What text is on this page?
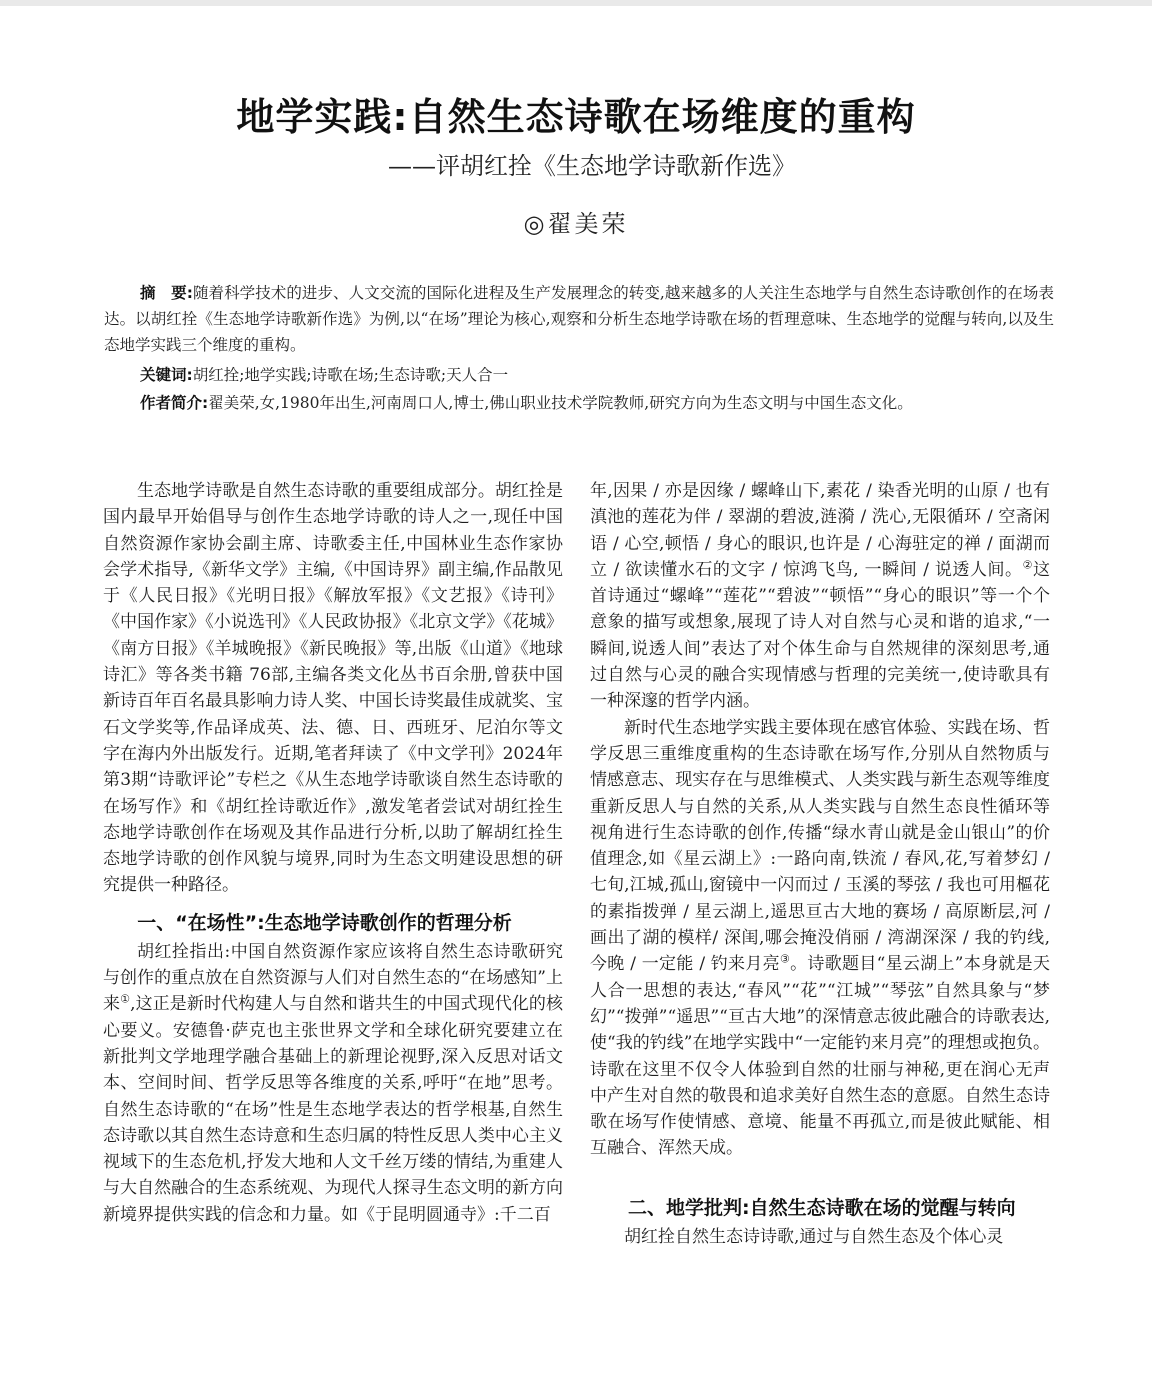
地学实践:自然生态诗歌在场维度的重构
——评胡红拴《生态地学诗歌新作选》
◎翟美荣
摘　要:随着科学技术的进步、人文交流的国际化进程及生产发展理念的转变,越来越多的人关注生态地学与自然生态诗歌创作的在场表达。以胡红拴《生态地学诗歌新作选》为例,以“在场”理论为核心,观察和分析生态地学诗歌在场的哲理意味、生态地学的觉醒与转向,以及生态地学实践三个维度的重构。
关键词:胡红拴;地学实践;诗歌在场;生态诗歌;天人合一
作者简介:翟美荣,女,1980年出生,河南周口人,博士,佛山职业技术学院教师,研究方向为生态文明与中国生态文化。

生态地学诗歌是自然生态诗歌的重要组成部分。胡红拴是国内最早开始倡导与创作生态地学诗歌的诗人之一,现任中国自然资源作家协会副主席、诗歌委主任,中国林业生态作家协会学术指导,《新华文学》主编,《中国诗界》副主编,作品散见于《人民日报》《光明日报》《解放军报》《文艺报》《诗刊》《中国作家》《小说选刊》《人民政协报》《北京文学》《花城》《南方日报》《羊城晚报》《新民晚报》等,出版《山道》《地球诗汇》等各类书籍 76部,主编各类文化丛书百余册,曾获中国新诗百年百名最具影响力诗人奖、中国长诗奖最佳成就奖、宝石文学奖等,作品译成英、法、德、日、西班牙、尼泊尔等文字在海内外出版发行。近期,笔者拜读了《中文学刊》2024年第3期“诗歌评论”专栏之《从生态地学诗歌谈自然生态诗歌的在场写作》和《胡红拴诗歌近作》,激发笔者尝试对胡红拴生态地学诗歌创作在场观及其作品进行分析,以助了解胡红拴生态地学诗歌的创作风貌与境界,同时为生态文明建设思想的研究提供一种路径。

一、“在场性”:生态地学诗歌创作的哲理分析

胡红拴指出:中国自然资源作家应该将自然生态诗歌研究与创作的重点放在自然资源与人们对自然生态的“在场感知”上来①,这正是新时代构建人与自然和谐共生的中国式现代化的核心要义。安德鲁·萨克也主张世界文学和全球化研究要建立在新批判文学地理学融合基础上的新理论视野,深入反思对话文本、空间时间、哲学反思等各维度的关系,呼吁“在地”思考。自然生态诗歌的“在场”性是生态地学表达的哲学根基,自然生态诗歌以其自然生态诗意和生态归属的特性反思人类中心主义视域下的生态危机,抒发大地和人文千丝万缕的情结,为重建人与大自然融合的生态系统观、为现代人探寻生态文明的新方向新境界提供实践的信念和力量。如《于昆明圆通寺》:千二百

年,因果 / 亦是因缘 / 螺峰山下,素花 / 染香光明的山原 / 也有滇池的莲花为伴 / 翠湖的碧波,涟漪 / 洗心,无限循环 / 空斋闲语 / 心空,顿悟 / 身心的眼识,也许是 / 心海驻定的禅 / 面湖而立 / 欲读懂水石的文字 / 惊鸿飞鸟, 一瞬间 / 说透人间。②这首诗通过“螺峰”“莲花”“碧波”“顿悟”“身心的眼识”等一个个意象的描写或想象,展现了诗人对自然与心灵和谐的追求,“一瞬间,说透人间”表达了对个体生命与自然规律的深刻思考,通过自然与心灵的融合实现情感与哲理的完美统一,使诗歌具有一种深邃的哲学内涵。

新时代生态地学实践主要体现在感官体验、实践在场、哲学反思三重维度重构的生态诗歌在场写作,分别从自然物质与情感意志、现实存在与思维模式、人类实践与新生态观等维度重新反思人与自然的关系,从人类实践与自然生态良性循环等视角进行生态诗歌的创作,传播“绿水青山就是金山银山”的价值理念,如《星云湖上》:一路向南,铁流 / 春风,花,写着梦幻 / 七旬,江城,孤山,窗镜中一闪而过 / 玉溪的琴弦 / 我也可用樞花的素指拨弹 / 星云湖上,遥思亘古大地的赛场 / 高原断层,河 / 画出了湖的模样/ 深闺,哪会掩没俏丽 / 湾湖深深 / 我的钓线,今晚 / 一定能 / 钓来月亮③。诗歌题目“星云湖上”本身就是天人合一思想的表达,“春风”“花”“江城”“琴弦”自然具象与“梦幻”“拨弹”“遥思”“亘古大地”的深情意志彼此融合的诗歌表达,使“我的钓线”在地学实践中“一定能钓来月亮”的理想或抱负。诗歌在这里不仅令人体验到自然的壮丽与神秘,更在润心无声中产生对自然的敬畏和追求美好自然生态的意愿。自然生态诗歌在场写作使情感、意境、能量不再孤立,而是彼此赋能、相互融合、浑然天成。

二、地学批判:自然生态诗歌在场的觉醒与转向

胡红拴自然生态诗诗歌,通过与自然生态及个体心灵
